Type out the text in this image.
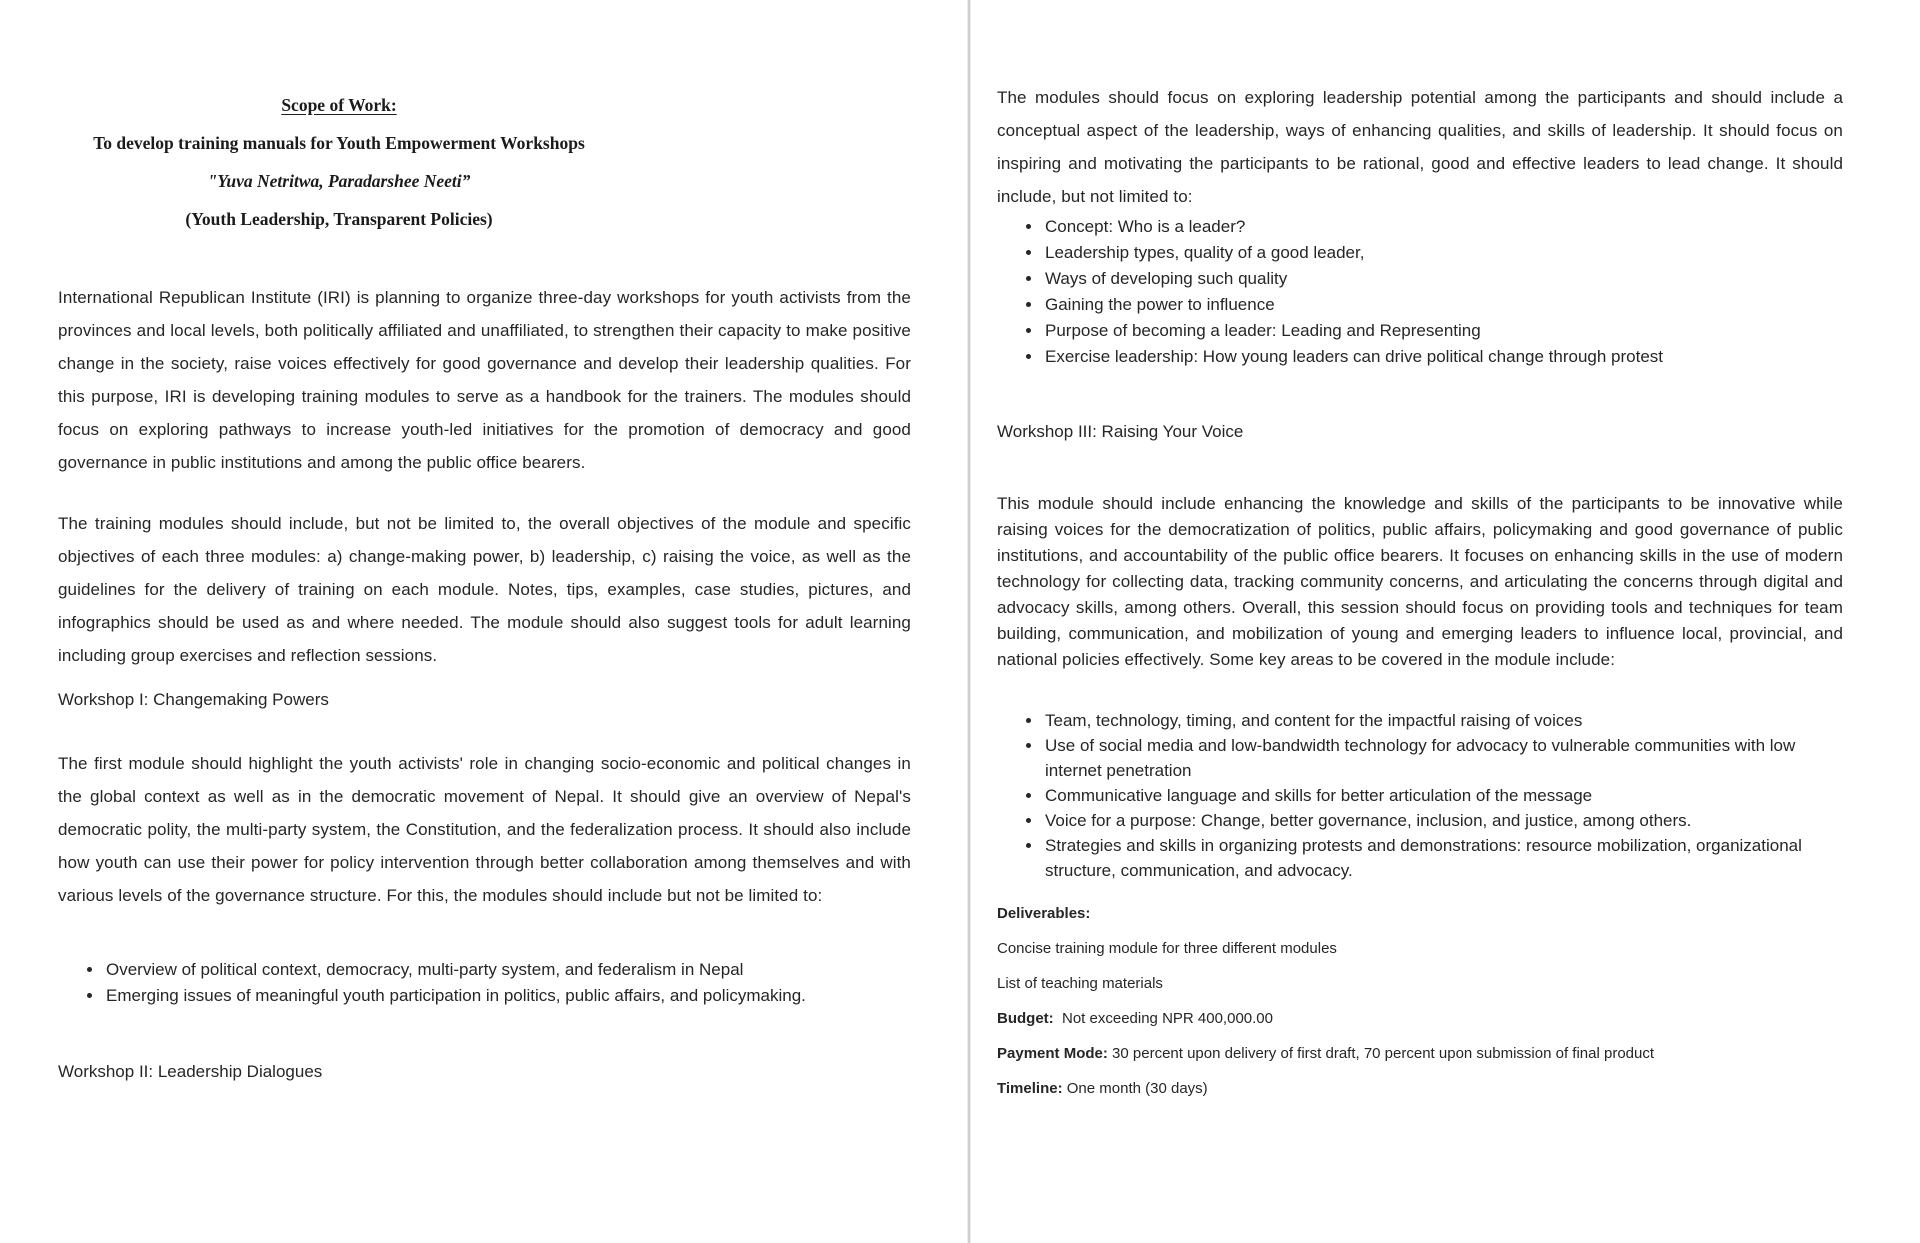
Scope of Work:

To develop training manuals for Youth Empowerment Workshops

"Yuva Netritwa, Paradarshee Neeti”

(Youth Leadership, Transparent Policies)

International Republican Institute (IRI) is planning to organize three-day workshops for youth activists from the provinces and local levels, both politically affiliated and unaffiliated, to strengthen their capacity to make positive change in the society, raise voices effectively for good governance and develop their leadership qualities. For this purpose, IRI is developing training modules to serve as a handbook for the trainers. The modules should focus on exploring pathways to increase youth-led initiatives for the promotion of democracy and good governance in public institutions and among the public office bearers.

The training modules should include, but not be limited to, the overall objectives of the module and specific objectives of each three modules: a) change-making power, b) leadership, c) raising the voice, as well as the guidelines for the delivery of training on each module. Notes, tips, examples, case studies, pictures, and infographics should be used as and where needed. The module should also suggest tools for adult learning including group exercises and reflection sessions.

Workshop I: Changemaking Powers

The first module should highlight the youth activists' role in changing socio-economic and political changes in the global context as well as in the democratic movement of Nepal. It should give an overview of Nepal's democratic polity, the multi-party system, the Constitution, and the federalization process. It should also include how youth can use their power for policy intervention through better collaboration among themselves and with various levels of the governance structure. For this, the modules should include but not be limited to:

• Overview of political context, democracy, multi-party system, and federalism in Nepal
• Emerging issues of meaningful youth participation in politics, public affairs, and policymaking.
Workshop II: Leadership Dialogues

The modules should focus on exploring leadership potential among the participants and should include a conceptual aspect of the leadership, ways of enhancing qualities, and skills of leadership. It should focus on inspiring and motivating the participants to be rational, good and effective leaders to lead change. It should include, but not limited to:

• Concept: Who is a leader?
• Leadership types, quality of a good leader,
• Ways of developing such quality
• Gaining the power to influence
• Purpose of becoming a leader: Leading and Representing
• Exercise leadership: How young leaders can drive political change through protest
Workshop III: Raising Your Voice

This module should include enhancing the knowledge and skills of the participants to be innovative while raising voices for the democratization of politics, public affairs, policymaking and good governance of public institutions, and accountability of the public office bearers. It focuses on enhancing skills in the use of modern technology for collecting data, tracking community concerns, and articulating the concerns through digital and advocacy skills, among others. Overall, this session should focus on providing tools and techniques for team building, communication, and mobilization of young and emerging leaders to influence local, provincial, and national policies effectively. Some key areas to be covered in the module include:

• Team, technology, timing, and content for the impactful raising of voices
• Use of social media and low-bandwidth technology for advocacy to vulnerable communities with low internet penetration
• Communicative language and skills for better articulation of the message
• Voice for a purpose: Change, better governance, inclusion, and justice, among others.
• Strategies and skills in organizing protests and demonstrations: resource mobilization, organizational structure, communication, and advocacy.

Deliverables:

Concise training module for three different modules

List of teaching materials

Budget: Not exceeding NPR 400,000.00

Payment Mode: 30 percent upon delivery of first draft, 70 percent upon submission of final product

Timeline: One month (30 days)
